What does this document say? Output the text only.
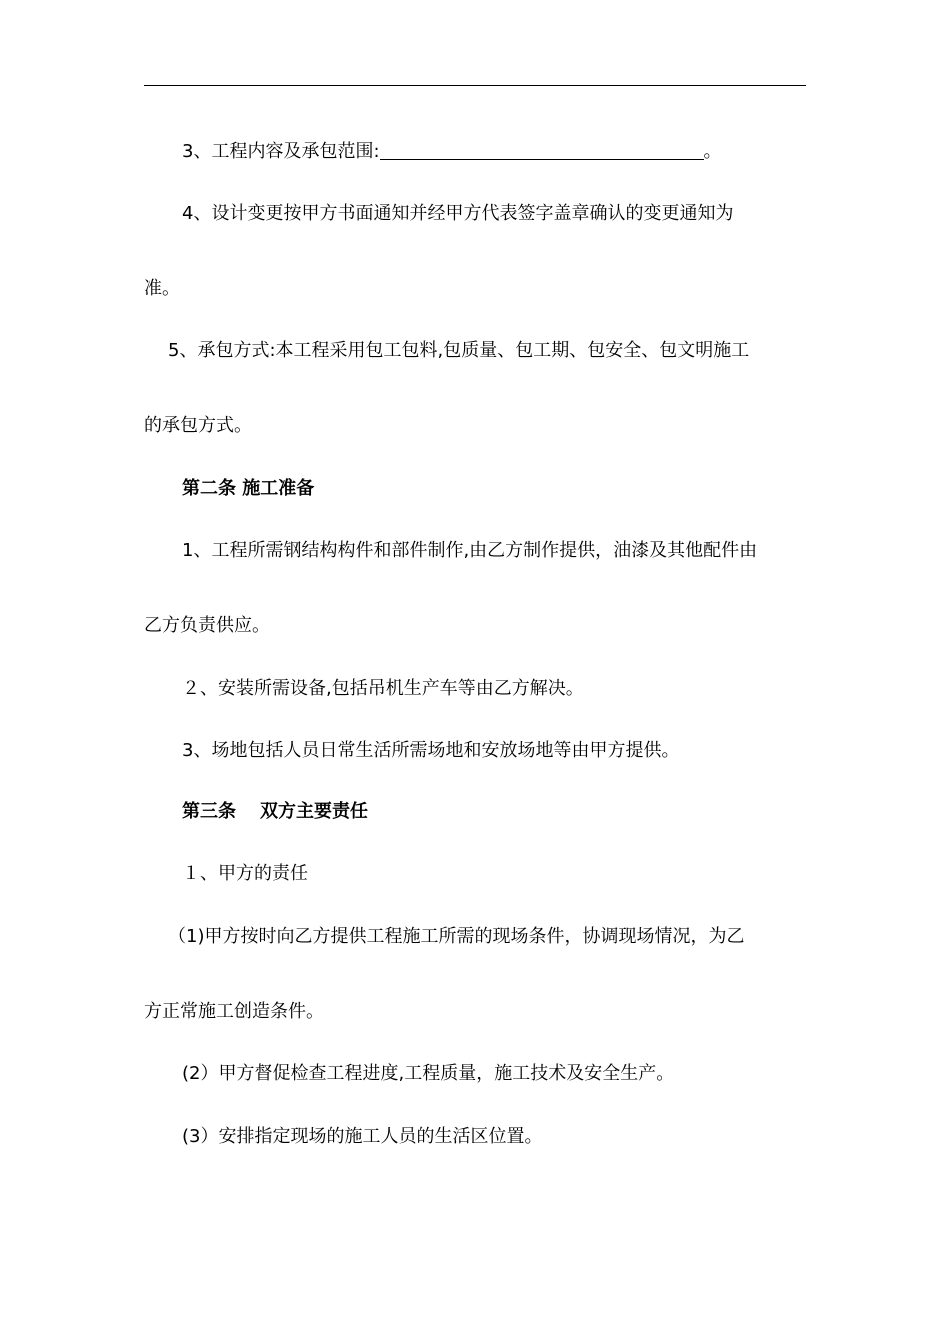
3、工程内容及承包范围:	。

4、设计变更按甲方书面通知并经甲方代表签字盖章确认的变更通知为

准。

5、承包方式:本工程采用包工包料,包质量、包工期、包安全、包文明施工

的承包方式。

第二条 施工准备

1、工程所需钢结构构件和部件制作,由乙方制作提供，油漆及其他配件由

乙方负责供应。

２、安装所需设备,包括吊机生产车等由乙方解决。

3、场地包括人员日常生活所需场地和安放场地等由甲方提供。

第三条 双方主要责任

１、甲方的责任

（1)甲方按时向乙方提供工程施工所需的现场条件，协调现场情况，为乙

方正常施工创造条件。

(2）甲方督促检查工程进度,工程质量，施工技术及安全生产。

(3）安排指定现场的施工人员的生活区位置。
